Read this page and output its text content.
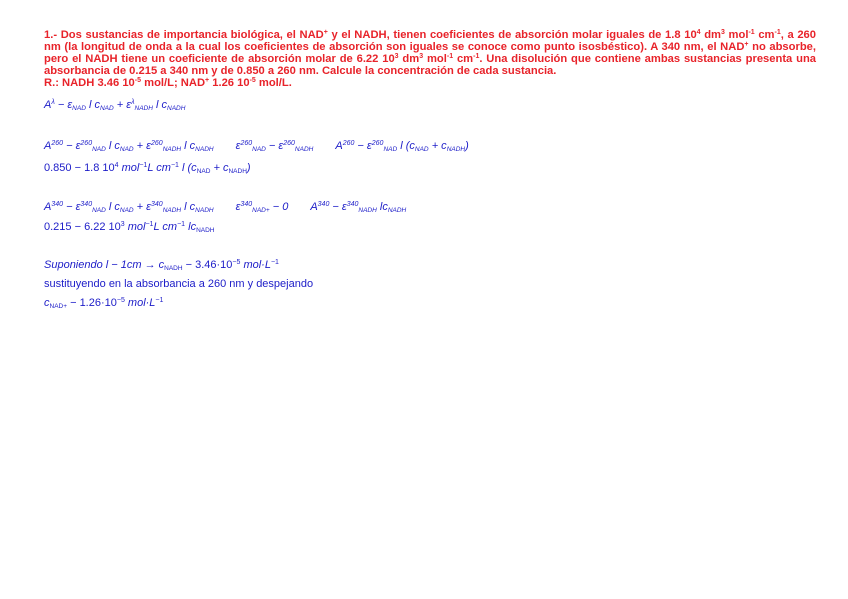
1.- Dos sustancias de importancia biológica, el NAD+ y el NADH, tienen coeficientes de absorción molar iguales de 1.8 $10^4$ $dm^3$ mol$^{-1}$ $cm^{-1}$, a 260 nm (la longitud de onda a la cual los coeficientes de absorción son iguales se conoce como punto isosbéstico). A 340 nm, el NAD+ no absorbe, pero el NADH tiene un coeficiente de absorción molar de 6.22 $10^3$ $dm^3$ mol$^{-1}$ $cm^{-1}$. Una disolución que contiene ambas sustancias presenta una absorbancia de 0.215 a 340 nm y de 0.850 a 260 nm. Calcule la concentración de cada sustancia.
R.: NADH 3.46 $10^{-5}$ mol/L; NAD+ 1.26 $10^{-5}$ mol/L.
$A^\lambda - \varepsilon_{NAD}$ l $c_{NAD} + \varepsilon^\lambda_{NADH}$ l $c_{NADH}$
$A^{260} - \varepsilon^{260}_{NAD}$ l $c_{NAD} + \varepsilon^{260}_{NADH}$ l $c_{NADH}$ $\varepsilon^{260}_{NAD} - \varepsilon^{260}_{NADH}$ $A^{260} - \varepsilon^{260}_{NAD}$ l $(c_{NAD} + c_{NADH})$
0.850 − 1.8 $10^4$ mol$^{-1}$L $cm^{-1}$ l $(c_{NAD} + c_{NADH})$
$A^{340} - \varepsilon^{340}_{NAD}$ l $c_{NAD} + \varepsilon^{340}_{NADH}$ l $c_{NADH}$ $\varepsilon^{340}_{NAD+} - 0$ $A^{340} - \varepsilon^{340}_{NADH}$ $lc_{NADH}$
0.215 − 6.22 $10^3$ mol$^{-1}$L $cm^{-1}$ $lc_{NADH}$
Suponiendo $l - 1cm \to c_{NADH} - 3.46\cdot 10^{-5}$ $mol\cdot L^{-1}$
sustituyendo en la absorbancia a 260 nm y despejando
$c_{NAD+} - 1.26\cdot 10^{-5}$ $mol\cdot L^{-1}$
